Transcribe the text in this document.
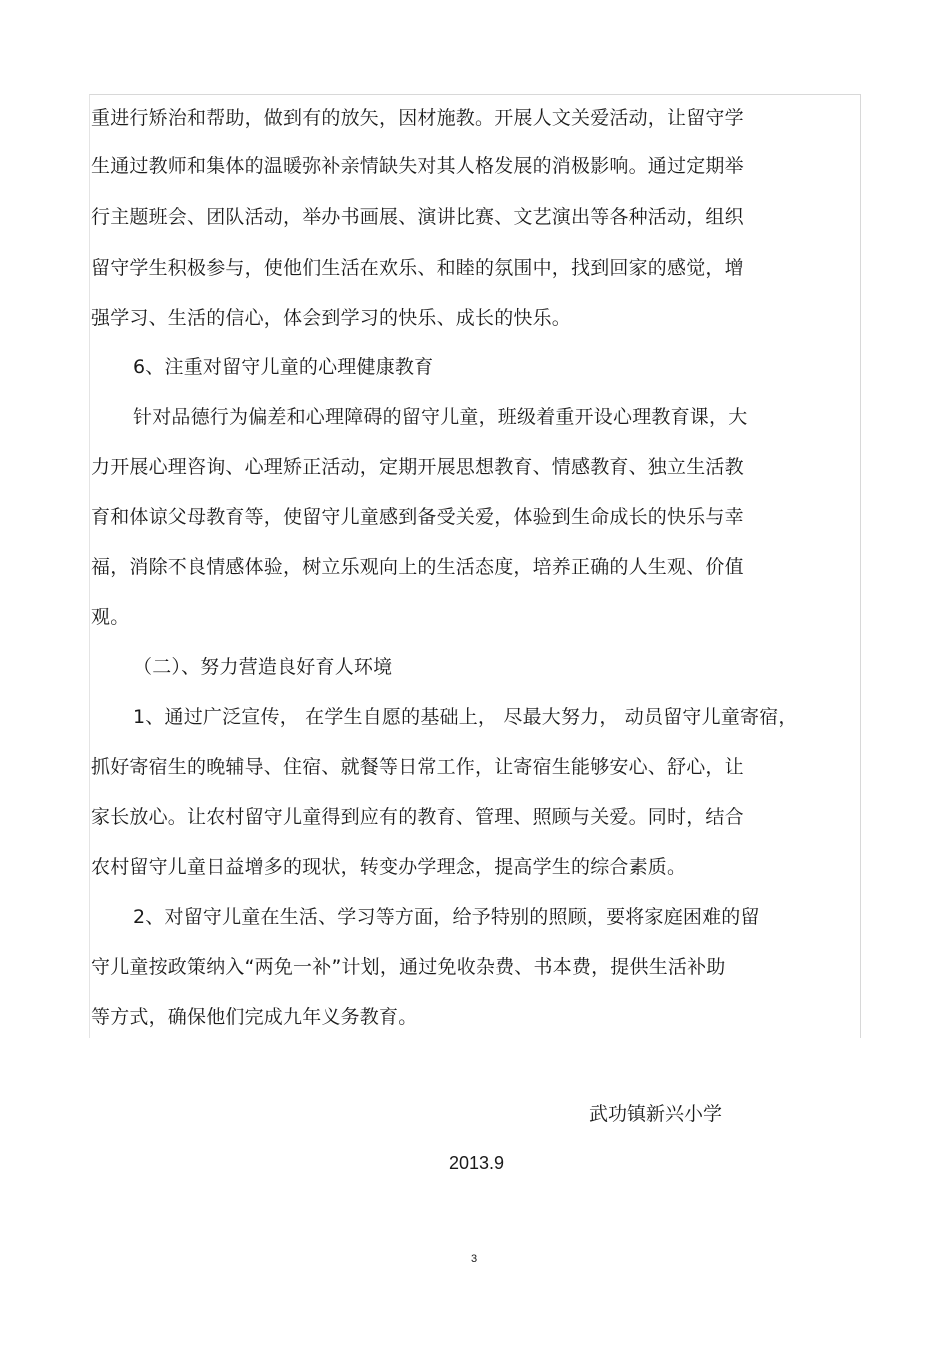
重进行矫治和帮助，做到有的放矢，因材施教。开展人文关爱活动，让留守学
生通过教师和集体的温暖弥补亲情缺失对其人格发展的消极影响。通过定期举
行主题班会、团队活动，举办书画展、演讲比赛、文艺演出等各种活动，组织
留守学生积极参与，使他们生活在欢乐、和睦的氛围中，找到回家的感觉，增
强学习、生活的信心，体会到学习的快乐、成长的快乐。
6、注重对留守儿童的心理健康教育
针对品德行为偏差和心理障碍的留守儿童，班级着重开设心理教育课，大
力开展心理咨询、心理矫正活动，定期开展思想教育、情感教育、独立生活教
育和体谅父母教育等，使留守儿童感到备受关爱，体验到生命成长的快乐与幸
福，消除不良情感体验，树立乐观向上的生活态度，培养正确的人生观、价值
观。
（二）、努力营造良好育人环境
1、通过广泛宣传， 在学生自愿的基础上， 尽最大努力， 动员留守儿童寄宿，
抓好寄宿生的晚辅导、住宿、就餐等日常工作，让寄宿生能够安心、舒心，让
家长放心。让农村留守儿童得到应有的教育、管理、照顾与关爱。同时，结合
农村留守儿童日益增多的现状，转变办学理念，提高学生的综合素质。
2、对留守儿童在生活、学习等方面，给予特别的照顾，要将家庭困难的留
守儿童按政策纳入“两免一补”计划，通过免收杂费、书本费，提供生活补助
等方式，确保他们完成九年义务教育。
武功镇新兴小学
2013.9
3
